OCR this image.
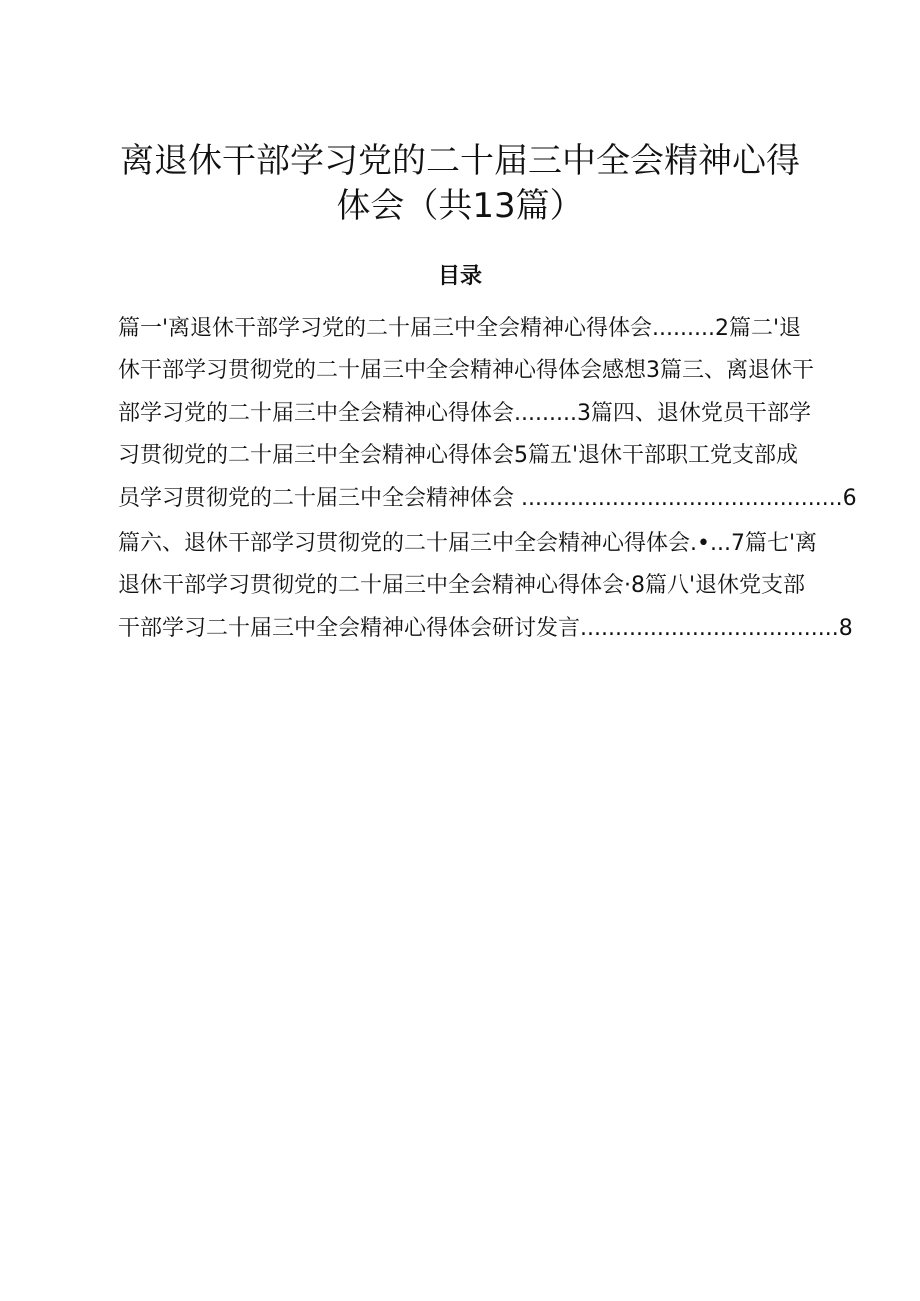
离退休干部学习党的二十届三中全会精神心得
体会（共13篇）
目录

篇一'离退休干部学习党的二十届三中全会精神心得体会.........2篇二'退

休干部学习贯彻党的二十届三中全会精神心得体会感想3篇三、离退休干

部学习党的二十届三中全会精神心得体会.........3篇四、退休党员干部学

习贯彻党的二十届三中全会精神心得体会5篇五'退休干部职工党支部成

员学习贯彻党的二十届三中全会精神体会 ..............................................6

篇六、退休干部学习贯彻党的二十届三中全会精神心得体会.•...7篇七'离

退休干部学习贯彻党的二十届三中全会精神心得体会·8篇八'退休党支部

干部学习二十届三中全会精神心得体会研讨发言.....................................8
